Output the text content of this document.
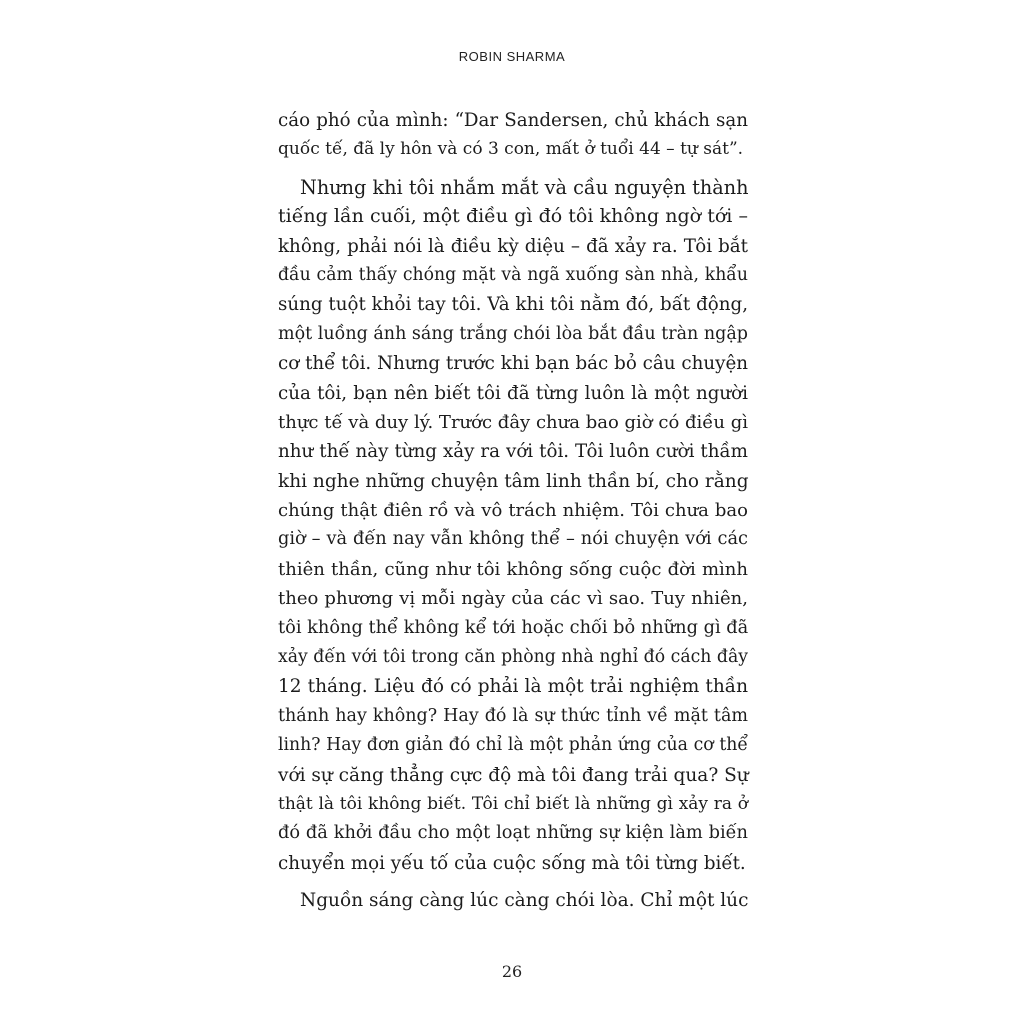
ROBIN SHARMA
cáo phó của mình: “Dar Sandersen, chủ khách sạn
quốc tế, đã ly hôn và có 3 con, mất ở tuổi 44 – tự sát”.
Nhưng khi tôi nhắm mắt và cầu nguyện thành
tiếng lần cuối, một điều gì đó tôi không ngờ tới –
không, phải nói là điều kỳ diệu – đã xảy ra. Tôi bắt
đầu cảm thấy chóng mặt và ngã xuống sàn nhà, khẩu
súng tuột khỏi tay tôi. Và khi tôi nằm đó, bất động,
một luồng ánh sáng trắng chói lòa bắt đầu tràn ngập
cơ thể tôi. Nhưng trước khi bạn bác bỏ câu chuyện
của tôi, bạn nên biết tôi đã từng luôn là một người
thực tế và duy lý. Trước đây chưa bao giờ có điều gì
như thế này từng xảy ra với tôi. Tôi luôn cười thầm
khi nghe những chuyện tâm linh thần bí, cho rằng
chúng thật điên rồ và vô trách nhiệm. Tôi chưa bao
giờ – và đến nay vẫn không thể – nói chuyện với các
thiên thần, cũng như tôi không sống cuộc đời mình
theo phương vị mỗi ngày của các vì sao. Tuy nhiên,
tôi không thể không kể tới hoặc chối bỏ những gì đã
xảy đến với tôi trong căn phòng nhà nghỉ đó cách đây
12 tháng. Liệu đó có phải là một trải nghiệm thần
thánh hay không? Hay đó là sự thức tỉnh về mặt tâm
linh? Hay đơn giản đó chỉ là một phản ứng của cơ thể
với sự căng thẳng cực độ mà tôi đang trải qua? Sự
thật là tôi không biết. Tôi chỉ biết là những gì xảy ra ở
đó đã khởi đầu cho một loạt những sự kiện làm biến
chuyển mọi yếu tố của cuộc sống mà tôi từng biết.
Nguồn sáng càng lúc càng chói lòa. Chỉ một lúc
26
